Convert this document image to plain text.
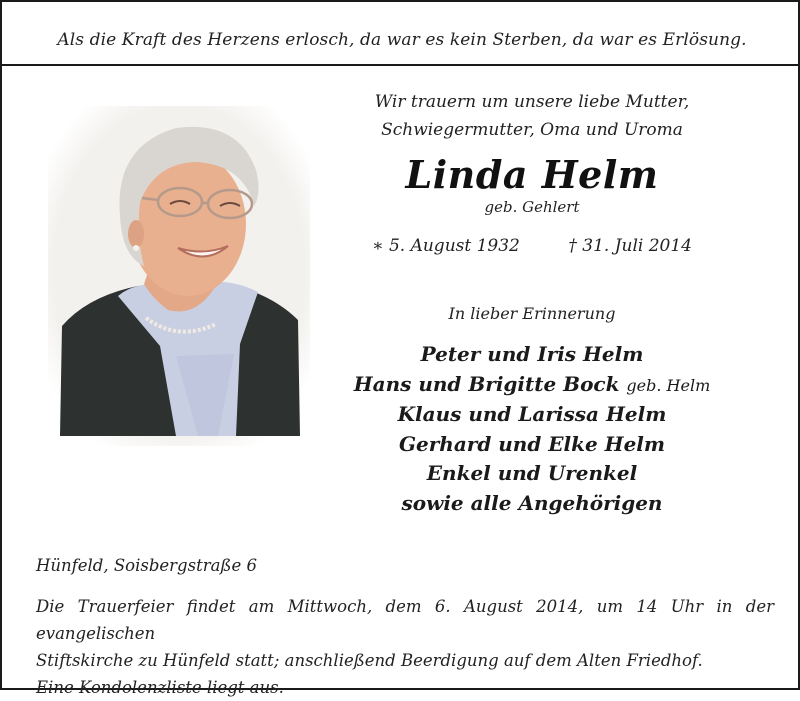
Als die Kraft des Herzens erlosch, da war es kein Sterben, da war es Erlösung.
Wir trauern um unsere liebe Mutter,
Schwiegermutter, Oma und Uroma
Linda Helm
geb. Gehlert
∗ 5. August 1932	† 31. Juli 2014
In lieber Erinnerung
Peter und Iris Helm
Hans und Brigitte Bock geb. Helm
Klaus und Larissa Helm
Gerhard und Elke Helm
Enkel und Urenkel
sowie alle Angehörigen
Hünfeld, Soisbergstraße 6

Die Trauerfeier findet am Mittwoch, dem 6. August 2014, um 14 Uhr in der evangelischen

Stiftskirche zu Hünfeld statt; anschließend Beerdigung auf dem Alten Friedhof.

Eine Kondolenzliste liegt aus.
